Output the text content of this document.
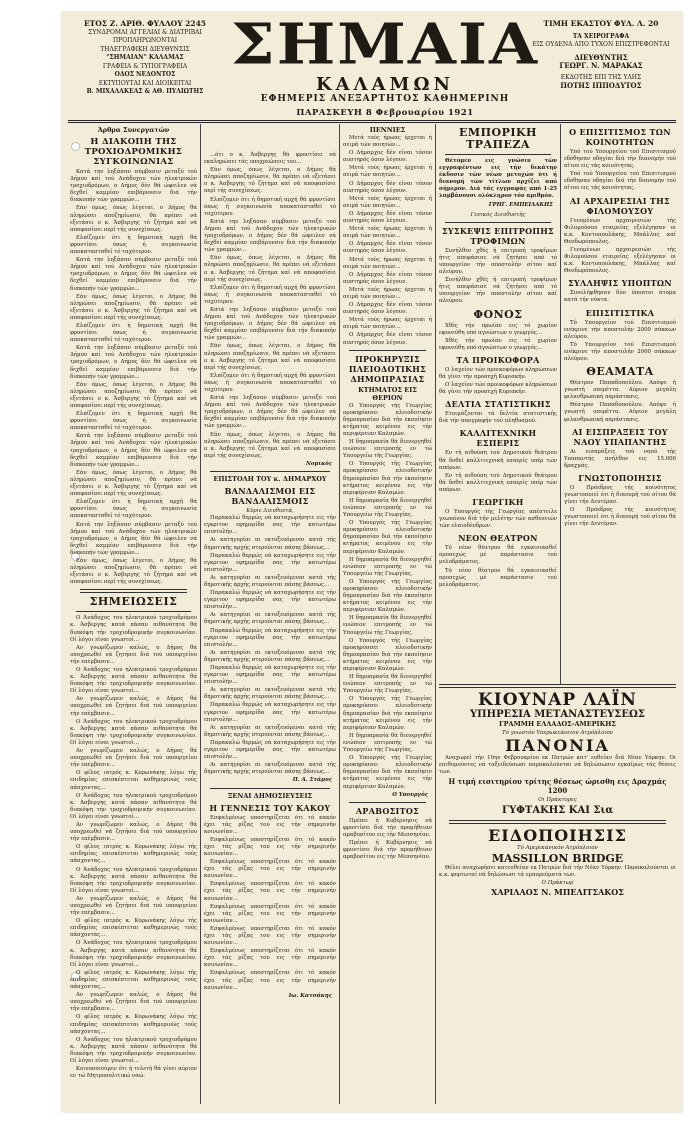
ΕΤΟΣ Ζ. ΑΡΙΘ. ΦΥΛΛΟΥ 2245
ΣΥΝΔΡΟΜΑΙ ΑΓΓΕΛΙΑΙ & ΔΙΑΤΡΙΒΑΙ
ΠΡΟΠΛΗΡΩΝΟΝΤΑΙ
ΤΗΛΕΓΡΑΦΙΚΗ ΔΙΕΥΘΥΝΣΙΣ
"ΣΗΜΑΙΑΝ" ΚΑΛΑΜΑΣ
ΓΡΑΦΕΙΑ & ΤΥΠΟΓΡΑΦΕΙΑ
ΟΔΟΣ ΝΕΔΟΝΤΟΣ
ΕΚΤΥΠΟΥΤΑΙ ΚΑΙ ΔΙΟΙΚΕΙΤΑΙ
Β. ΜΙΧΑΛΑΚΕΑΣ & ΑΘ. ΠΥΛΙΩΤΗΣ
ΣΗΜΑΙΑ
ΚΑΛΑΜΩΝ
ΕΦΗΜΕΡΙΣ ΑΝΕΞΑΡΤΗΤΟΣ ΚΑΘΗΜΕΡΙΝΗ
ΠΑΡΑΣΚΕΥΗ 8 Φεβρουαρίου 1921
ΤΙΜΗ ΕΚΑΣΤΟΥ ΦΥΛ. Λ. 20
ΤΑ ΧΕΙΡΟΓΡΑΦΑ
ΕΙΣ ΟΥΔΕΝΑ ΑΠΟ ΤΥΧΟΝ ΕΠΙΣΤΡΕΦΟΝΤΑΙ
ΔΙΕΥΘΥΝΤΗΣ
ΓΕΩΡΓ. Ν. ΜΑΡΑΚΑΣ
ΕΚΔΟΤΗΣ ΕΠΙ ΤΗΣ ΥΛΗΣ
ΠΟΤΗΣ ΙΠΠΟΔΥΤΟΣ
Άρθρα Συνεργατών
Η ΔΙΑΚΟΠΗ ΤΗΣ ΤΡΟΧΙΟΔΡΟΜΙΚΗΣ ΣΥΓΚΟΙΝΩΝΙΑΣ

Κατά την ληξάσαν σύμβασιν μεταξύ τού Δήμου καί τού Ανάδοχου τών ηλεκτρικών τροχιοδρόμων, ο Δήμος δέν θά ώφειλεν νά δεχθεί καμμίαν επιβάρυνσιν διά τήν διακοπήν τών γραμμών...

Εάν όμως, όπως λέγεται, ο Δήμος θά πληρώσει αποζημίωσιν, θά πρέπει νά εξετάσει ο κ. Άσβεργης τό ζήτημα καί νά αποφασίσει περί τής συνεχίσεως.

Ελπίζομεν ότι ή δημοτική αρχή θά φροντίσει όπως ή συγκοινωνία αποκατασταθεί τό ταχύτερον.

Κατά την ληξάσαν σύμβασιν μεταξύ τού Δήμου καί τού Ανάδοχου τών ηλεκτρικών τροχιοδρόμων, ο Δήμος δέν θά ώφειλεν νά δεχθεί καμμίαν επιβάρυνσιν διά τήν διακοπήν τών γραμμών...

Εάν όμως, όπως λέγεται, ο Δήμος θά πληρώσει αποζημίωσιν, θά πρέπει νά εξετάσει ο κ. Άσβεργης τό ζήτημα καί νά αποφασίσει περί τής συνεχίσεως.

Ελπίζομεν ότι ή δημοτική αρχή θά φροντίσει όπως ή συγκοινωνία αποκατασταθεί τό ταχύτερον.

Κατά την ληξάσαν σύμβασιν μεταξύ τού Δήμου καί τού Ανάδοχου τών ηλεκτρικών τροχιοδρόμων, ο Δήμος δέν θά ώφειλεν νά δεχθεί καμμίαν επιβάρυνσιν διά τήν διακοπήν τών γραμμών...

Εάν όμως, όπως λέγεται, ο Δήμος θά πληρώσει αποζημίωσιν, θά πρέπει νά εξετάσει ο κ. Άσβεργης τό ζήτημα καί νά αποφασίσει περί τής συνεχίσεως.

Ελπίζομεν ότι ή δημοτική αρχή θά φροντίσει όπως ή συγκοινωνία αποκατασταθεί τό ταχύτερον.

Κατά την ληξάσαν σύμβασιν μεταξύ τού Δήμου καί τού Ανάδοχου τών ηλεκτρικών τροχιοδρόμων, ο Δήμος δέν θά ώφειλεν νά δεχθεί καμμίαν επιβάρυνσιν διά τήν διακοπήν τών γραμμών...

Εάν όμως, όπως λέγεται, ο Δήμος θά πληρώσει αποζημίωσιν, θά πρέπει νά εξετάσει ο κ. Άσβεργης τό ζήτημα καί νά αποφασίσει περί τής συνεχίσεως.

Ελπίζομεν ότι ή δημοτική αρχή θά φροντίσει όπως ή συγκοινωνία αποκατασταθεί τό ταχύτερον.

Κατά την ληξάσαν σύμβασιν μεταξύ τού Δήμου καί τού Ανάδοχου τών ηλεκτρικών τροχιοδρόμων, ο Δήμος δέν θά ώφειλεν νά δεχθεί καμμίαν επιβάρυνσιν διά τήν διακοπήν τών γραμμών...

Εάν όμως, όπως λέγεται, ο Δήμος θά πληρώσει αποζημίωσιν, θά πρέπει νά εξετάσει ο κ. Άσβεργης τό ζήτημα καί νά αποφασίσει περί τής συνεχίσεως.

ΣΗΜΕΙΩΣΕΙΣ

Ο Άνάδοχος του ηλεκτρικού τροχιοδρόμου κ. Άσβεργης κατά πάσαν πιθανότητα θά διακόψη τήν τροχιοδρομικήν συγκοινωνίαν. Οί λόγοι είναι γνωστοί...

Αν γνωρίζωμεν καλώς, ο Δήμος θά υποχρεωθεί νά ζητήσει διά τού υπουργείου τήν επέμβασιν...

Ο Άνάδοχος του ηλεκτρικού τροχιοδρόμου κ. Άσβεργης κατά πάσαν πιθανότητα θά διακόψη τήν τροχιοδρομικήν συγκοινωνίαν. Οί λόγοι είναι γνωστοί...

Αν γνωρίζωμεν καλώς, ο Δήμος θά υποχρεωθεί νά ζητήσει διά τού υπουργείου τήν επέμβασιν...

Ο Άνάδοχος του ηλεκτρικού τροχιοδρόμου κ. Άσβεργης κατά πάσαν πιθανότητα θά διακόψη τήν τροχιοδρομικήν συγκοινωνίαν. Οί λόγοι είναι γνωστοί...

Αν γνωρίζωμεν καλώς, ο Δήμος θά υποχρεωθεί νά ζητήσει διά τού υπουργείου τήν επέμβασιν...

Ο φίλος ιατρός κ. Κορωνάκης λόγω τής επιδημίας επισκέπτεται καθημερινώς τούς πάσχοντας...

Ο Άνάδοχος του ηλεκτρικού τροχιοδρόμου κ. Άσβεργης κατά πάσαν πιθανότητα θά διακόψη τήν τροχιοδρομικήν συγκοινωνίαν. Οί λόγοι είναι γνωστοί...

Αν γνωρίζωμεν καλώς, ο Δήμος θά υποχρεωθεί νά ζητήσει διά τού υπουργείου τήν επέμβασιν...

Ο φίλος ιατρός κ. Κορωνάκης λόγω τής επιδημίας επισκέπτεται καθημερινώς τούς πάσχοντας...

Ο Άνάδοχος του ηλεκτρικού τροχιοδρόμου κ. Άσβεργης κατά πάσαν πιθανότητα θά διακόψη τήν τροχιοδρομικήν συγκοινωνίαν. Οί λόγοι είναι γνωστοί...

Αν γνωρίζωμεν καλώς, ο Δήμος θά υποχρεωθεί νά ζητήσει διά τού υπουργείου τήν επέμβασιν...

Ο φίλος ιατρός κ. Κορωνάκης λόγω τής επιδημίας επισκέπτεται καθημερινώς τούς πάσχοντας...

Ο Άνάδοχος του ηλεκτρικού τροχιοδρόμου κ. Άσβεργης κατά πάσαν πιθανότητα θά διακόψη τήν τροχιοδρομικήν συγκοινωνίαν. Οί λόγοι είναι γνωστοί...

Ο φίλος ιατρός κ. Κορωνάκης λόγω τής επιδημίας επισκέπτεται καθημερινώς τούς πάσχοντας...

Αν γνωρίζωμεν καλώς, ο Δήμος θά υποχρεωθεί νά ζητήσει διά τού υπουργείου τήν επέμβασιν...

Ο φίλος ιατρός κ. Κορωνάκης λόγω τής επιδημίας επισκέπτεται καθημερινώς τούς πάσχοντας...

Ο Άνάδοχος του ηλεκτρικού τροχιοδρόμου κ. Άσβεργης κατά πάσαν πιθανότητα θά διακόψη τήν τροχιοδρομικήν συγκοινωνίαν. Οί λόγοι είναι γνωστοί...

Κοινοποιούμεν ότι ή τελετή θά γίνει αύριον εν τώ Μητροπολιτικώ ναώ.

...ότι ο κ. Άσβεργης θά φροντίσει νά εκπληρώσει τάς υποχρεώσεις του...

Εάν όμως, όπως λέγεται, ο Δήμος θά πληρώσει αποζημίωσιν, θά πρέπει νά εξετάσει ο κ. Άσβεργης τό ζήτημα καί νά αποφασίσει περί τής συνεχίσεως.

Ελπίζομεν ότι ή δημοτική αρχή θά φροντίσει όπως ή συγκοινωνία αποκατασταθεί τό ταχύτερον.

Κατά την ληξάσαν σύμβασιν μεταξύ τού Δήμου καί τού Ανάδοχου τών ηλεκτρικών τροχιοδρόμων, ο Δήμος δέν θά ώφειλεν νά δεχθεί καμμίαν επιβάρυνσιν διά τήν διακοπήν τών γραμμών...

Εάν όμως, όπως λέγεται, ο Δήμος θά πληρώσει αποζημίωσιν, θά πρέπει νά εξετάσει ο κ. Άσβεργης τό ζήτημα καί νά αποφασίσει περί τής συνεχίσεως.

Ελπίζομεν ότι ή δημοτική αρχή θά φροντίσει όπως ή συγκοινωνία αποκατασταθεί τό ταχύτερον.

Κατά την ληξάσαν σύμβασιν μεταξύ τού Δήμου καί τού Ανάδοχου τών ηλεκτρικών τροχιοδρόμων, ο Δήμος δέν θά ώφειλεν νά δεχθεί καμμίαν επιβάρυνσιν διά τήν διακοπήν τών γραμμών...

Εάν όμως, όπως λέγεται, ο Δήμος θά πληρώσει αποζημίωσιν, θά πρέπει νά εξετάσει ο κ. Άσβεργης τό ζήτημα καί νά αποφασίσει περί τής συνεχίσεως.

Ελπίζομεν ότι ή δημοτική αρχή θά φροντίσει όπως ή συγκοινωνία αποκατασταθεί τό ταχύτερον.

Κατά την ληξάσαν σύμβασιν μεταξύ τού Δήμου καί τού Ανάδοχου τών ηλεκτρικών τροχιοδρόμων, ο Δήμος δέν θά ώφειλεν νά δεχθεί καμμίαν επιβάρυνσιν διά τήν διακοπήν τών γραμμών...

Εάν όμως, όπως λέγεται, ο Δήμος θά πληρώσει αποζημίωσιν, θά πρέπει νά εξετάσει ο κ. Άσβεργης τό ζήτημα καί νά αποφασίσει περί τής συνεχίσεως.

Νομικός
ΕΠΙΣΤΟΛΗ ΤΟΥ κ. ΔΗΜΑΡΧΟΥ
ΒΑΝΔΑΛΙΣΜΟΙ ΕΙΣ ΒΑΝΔΑΛΙΣΜΟΙΣ
Κύριε Διευθυντά,

Παρακαλώ θερμώς νά καταχωρήσητε εις τήν εγκριτον εφημερίδα σας τήν κατωτέρω επιστολήν...

Αι κατηγορίαι αι εκτοξευόμεναι κατά τής δημοτικής αρχής στερούνται πάσης βάσεως...

Παρακαλώ θερμώς νά καταχωρήσητε εις τήν εγκριτον εφημερίδα σας τήν κατωτέρω επιστολήν...

Αι κατηγορίαι αι εκτοξευόμεναι κατά τής δημοτικής αρχής στερούνται πάσης βάσεως...

Παρακαλώ θερμώς νά καταχωρήσητε εις τήν εγκριτον εφημερίδα σας τήν κατωτέρω επιστολήν...

Αι κατηγορίαι αι εκτοξευόμεναι κατά τής δημοτικής αρχής στερούνται πάσης βάσεως...

Παρακαλώ θερμώς νά καταχωρήσητε εις τήν εγκριτον εφημερίδα σας τήν κατωτέρω επιστολήν...

Αι κατηγορίαι αι εκτοξευόμεναι κατά τής δημοτικής αρχής στερούνται πάσης βάσεως...

Παρακαλώ θερμώς νά καταχωρήσητε εις τήν εγκριτον εφημερίδα σας τήν κατωτέρω επιστολήν...

Αι κατηγορίαι αι εκτοξευόμεναι κατά τής δημοτικής αρχής στερούνται πάσης βάσεως...

Παρακαλώ θερμώς νά καταχωρήσητε εις τήν εγκριτον εφημερίδα σας τήν κατωτέρω επιστολήν...

Αι κατηγορίαι αι εκτοξευόμεναι κατά τής δημοτικής αρχής στερούνται πάσης βάσεως...

Παρακαλώ θερμώς νά καταχωρήσητε εις τήν εγκριτον εφημερίδα σας τήν κατωτέρω επιστολήν...

Αι κατηγορίαι αι εκτοξευόμεναι κατά τής δημοτικής αρχής στερούνται πάσης βάσεως...

Π. Α. Στάμος
ΞΕΝΑΙ ΔΗΜΟΣΙΕΥΣΕΙΣ
Η ΓΕΝΝΕΣΙΣ ΤΟΥ ΚΑΚΟΥ

Εσφαλμένως υποστηρίζεται ότι τό κακόν έχει τάς ρίζας του εις τήν σημερινήν κοινωνίαν...

Εσφαλμένως υποστηρίζεται ότι τό κακόν έχει τάς ρίζας του εις τήν σημερινήν κοινωνίαν...

Εσφαλμένως υποστηρίζεται ότι τό κακόν έχει τάς ρίζας του εις τήν σημερινήν κοινωνίαν...

Εσφαλμένως υποστηρίζεται ότι τό κακόν έχει τάς ρίζας του εις τήν σημερινήν κοινωνίαν...

Εσφαλμένως υποστηρίζεται ότι τό κακόν έχει τάς ρίζας του εις τήν σημερινήν κοινωνίαν...

Εσφαλμένως υποστηρίζεται ότι τό κακόν έχει τάς ρίζας του εις τήν σημερινήν κοινωνίαν...

Εσφαλμένως υποστηρίζεται ότι τό κακόν έχει τάς ρίζας του εις τήν σημερινήν κοινωνίαν...

Εσφαλμένως υποστηρίζεται ότι τό κακόν έχει τάς ρίζας του εις τήν σημερινήν κοινωνίαν...

Ιω. Κατσάκης
ΠΕΝΝΙΕΣ

Μετά τούς ήρωας έρχεται ή σειρά τών ποιητών...

Ο Δήμαρχος δέν είναι τόσον αυστηρός όσον λέγουν.

Μετά τούς ήρωας έρχεται ή σειρά τών ποιητών...

Ο Δήμαρχος δέν είναι τόσον αυστηρός όσον λέγουν.

Μετά τούς ήρωας έρχεται ή σειρά τών ποιητών...

Ο Δήμαρχος δέν είναι τόσον αυστηρός όσον λέγουν.

Μετά τούς ήρωας έρχεται ή σειρά τών ποιητών...

Ο Δήμαρχος δέν είναι τόσον αυστηρός όσον λέγουν.

Μετά τούς ήρωας έρχεται ή σειρά τών ποιητών...

Ο Δήμαρχος δέν είναι τόσον αυστηρός όσον λέγουν.

Μετά τούς ήρωας έρχεται ή σειρά τών ποιητών...

Ο Δήμαρχος δέν είναι τόσον αυστηρός όσον λέγουν.

Μετά τούς ήρωας έρχεται ή σειρά τών ποιητών...

Ο Δήμαρχος δέν είναι τόσον αυστηρός όσον λέγουν.

ΠΡΟΚΗΡΥΞΙΣ ΠΛΕΙΟΔΟΤΙΚΗΣ ΔΗΜΟΠΡΑΣΙΑΣ
ΚΤΗΜΑΤΟΣ ΕΙΣ ΘΕΡΙΟΝ

Ο Υπουργός τής Γεωργίας προκηρύσσει πλειοδοτικήν δημοπρασίαν διά τήν εκποίησιν κτήματος κειμένου εις τήν περιφέρειαν Καλαμών.

Η δημοπρασία θά διενεργηθεί ενώπιον επιτροπής εν τώ Υπουργείω τής Γεωργίας.

Ο Υπουργός τής Γεωργίας προκηρύσσει πλειοδοτικήν δημοπρασίαν διά τήν εκποίησιν κτήματος κειμένου εις τήν περιφέρειαν Καλαμών.

Η δημοπρασία θά διενεργηθεί ενώπιον επιτροπής εν τώ Υπουργείω τής Γεωργίας.

Ο Υπουργός τής Γεωργίας προκηρύσσει πλειοδοτικήν δημοπρασίαν διά τήν εκποίησιν κτήματος κειμένου εις τήν περιφέρειαν Καλαμών.

Η δημοπρασία θά διενεργηθεί ενώπιον επιτροπής εν τώ Υπουργείω τής Γεωργίας.

Ο Υπουργός τής Γεωργίας προκηρύσσει πλειοδοτικήν δημοπρασίαν διά τήν εκποίησιν κτήματος κειμένου εις τήν περιφέρειαν Καλαμών.

Η δημοπρασία θά διενεργηθεί ενώπιον επιτροπής εν τώ Υπουργείω τής Γεωργίας.

Ο Υπουργός τής Γεωργίας προκηρύσσει πλειοδοτικήν δημοπρασίαν διά τήν εκποίησιν κτήματος κειμένου εις τήν περιφέρειαν Καλαμών.

Η δημοπρασία θά διενεργηθεί ενώπιον επιτροπής εν τώ Υπουργείω τής Γεωργίας.

Ο Υπουργός τής Γεωργίας προκηρύσσει πλειοδοτικήν δημοπρασίαν διά τήν εκποίησιν κτήματος κειμένου εις τήν περιφέρειαν Καλαμών.

Η δημοπρασία θά διενεργηθεί ενώπιον επιτροπής εν τώ Υπουργείω τής Γεωργίας.

Ο Υπουργός τής Γεωργίας προκηρύσσει πλειοδοτικήν δημοπρασίαν διά τήν εκποίησιν κτήματος κειμένου εις τήν περιφέρειαν Καλαμών.

Ο Υπουργός
ΑΡΑΒΟΣΙΤΟΣ

Πρέπει ή Κυβέρνησις νά φροντίσει διά τήν προμήθειαν αραβοσίτου εις τήν Μεσσηνίαν.

Πρέπει ή Κυβέρνησις νά φροντίσει διά τήν προμήθειαν αραβοσίτου εις τήν Μεσσηνίαν.

ΕΜΠΟΡΙΚΗ ΤΡΑΠΕΖΑ

Θέτομεν εις γνώσιν τών εγγραφέντων εις τήν δεκάτην έκδοσιν τών νέων μετοχών ότι ή διανομή τών τίτλων αρχίζει από σήμερον. Διά τάς εγγραφάς από 1-25 λαμβάνουσι ολόκληρον τόν αριθμόν.

ΓΡΗΓ. ΕΜΠΕΙΛΑΚΗΣ
Γενικός Διευθυντής
ΣΥΣΚΕΨΙΣ ΕΠΙΤΡΟΠΗΣ ΤΡΟΦΙΜΩΝ

Συνήλθεν χθές ή επιτροπή τροφίμων ήτις απεφάσισε νά ζητήσει από τό υπουργείον τήν αποστολήν σίτου καί αλεύρου.

Συνήλθεν χθές ή επιτροπή τροφίμων ήτις απεφάσισε νά ζητήσει από τό υπουργείον τήν αποστολήν σίτου καί αλεύρου.

ΦΟΝΟΣ

Χθές τήν πρωίαν εις τό χωρίον εφονεύθη υπό αγνώστων ο γεωργός...

Χθές τήν πρωίαν εις τό χωρίον εφονεύθη υπό αγνώστων ο γεωργός...

ΤΑ ΠΡΟΙΚΟΦΟΡΑ

Ο λαχείον τών προικοφόρων κληρώσεων θά γίνει τήν προσεχή Κυριακήν.

Ο λαχείον τών προικοφόρων κληρώσεων θά γίνει τήν προσεχή Κυριακήν.

ΔΕΛΤΙΑ ΣΤΑΤΙΣΤΙΚΗΣ

Ετοιμάζονται τά δελτία στατιστικής διά τήν απογραφήν τού πληθυσμού.

ΚΑΛΛΙΤΕΧΝΙΚΗ ΕΣΠΕΡΙΣ

Εν τή αιθούση τού Δημοτικού θεάτρου θά δοθεί καλλιτεχνική εσπερίς υπέρ τών απόρων.

Εν τή αιθούση τού Δημοτικού θεάτρου θά δοθεί καλλιτεχνική εσπερίς υπέρ τών απόρων.

ΓΕΩΡΓΙΚΗ

Ο Υπουργός τής Γεωργίας απέστειλε γεωπόνον διά τήν μελέτην τών ασθενειών τών ελαιοδένδρων.

ΝΕΟΝ ΘΕΑΤΡΟΝ

Τό νέον θέατρον θά εγκαινιασθεί προσεχώς μέ παράστασιν τού μελοδράματος.

Τό νέον θέατρον θά εγκαινιασθεί προσεχώς μέ παράστασιν τού μελοδράματος.

Ο ΕΠΙΣΙΤΙΣΜΟΣ ΤΩΝ ΚΟΙΝΟΤΗΤΩΝ

Υπό τού Υπουργείου τού Επισιτισμού εδόθησαν οδηγίαι διά τήν διανομήν τού σίτου εις τάς κοινότητας.

Υπό τού Υπουργείου τού Επισιτισμού εδόθησαν οδηγίαι διά τήν διανομήν τού σίτου εις τάς κοινότητας.

ΑΙ ΑΡΧΑΙΡΕΣΙΑΙ ΤΗΣ ΦΙΛΟΜΟΥΣΟΥ

Γενομένων αρχαιρεσιών τής Φιλομούσου εταιρείας εξελέγησαν οι κ.κ. Κοντοπουλάκης, Μπάλλας καί Θεοδωρόπουλος.

Γενομένων αρχαιρεσιών τής Φιλομούσου εταιρείας εξελέγησαν οι κ.κ. Κοντοπουλάκης, Μπάλλας καί Θεοδωρόπουλος.

ΣΥΛΛΗΨΙΣ ΥΠΟΠΤΩΝ

Συνελήφθησαν δύο ύποπτοι άτομα κατά τήν νύκτα.

ΕΠΙΣΙΤΙΣΤΙΚΑ

Τό Υπουργείον τού Επισιτισμού ενέκρινε τήν αποστολήν 2000 σάκκων αλεύρου.

Τό Υπουργείον τού Επισιτισμού ενέκρινε τήν αποστολήν 2000 σάκκων αλεύρου.

ΘΕΑΜΑΤΑ

Θέατρον Παπαδοπούλου. Απόψε ή γνωστή οπερέττα. Αύριον μεγάλη φιλανθρωπική παράστασις.

Θέατρον Παπαδοπούλου. Απόψε ή γνωστή οπερέττα. Αύριον μεγάλη φιλανθρωπική παράστασις.

ΑΙ ΕΙΣΠΡΑΞΕΙΣ ΤΟΥ ΝΑΟΥ ΥΠΑΠΑΝΤΗΣ

Αι εισπράξεις τού ναού τής Υπαπαντής ανήλθον εις 15.000 δραχμάς.

ΓΝΩΣΤΟΠΟΙΗΣΙΣ

Ο Πρόεδρος τής κοινότητος γνωστοποιεί ότι ή διανομή τού σίτου θά γίνει τήν Δευτέραν.

Ο Πρόεδρος τής κοινότητος γνωστοποιεί ότι ή διανομή τού σίτου θά γίνει τήν Δευτέραν.

ΚΙΟΥΝΑΡ ΛΑΪΝ
ΥΠΗΡΕΣΙΑ ΜΕΤΑΝΑΣΤΕΥΣΕΩΣ
ΓΡΑΜΜΗ ΕΛΛΑΔΟΣ-ΑΜΕΡΙΚΗΣ
Τό γνωστόν Υπερωκεάνειον Ατμόπλοιον
ΠΑΝΟΝΙΑ

Αναχωρεί τήν 10ην Φεβρουαρίου εκ Πατρών κατ' ευθείαν διά Νέαν Υόρκην. Οι επιθυμούντες νά ταξειδεύσωσι παρακαλούνται νά δηλώσωσιν εγκαίρως τάς θέσεις των.

Η τιμή εισιτηρίου τρίτης θέσεως ώρισθη εις Δραχμάς 1200
Οι Πράκτορες
ΓΥΦΤΑΚΗΣ ΚΑΙ Σια
ΕΙΔΟΠΟΙΗΣΙΣ
Τό Αμερικανικόν Ατμόπλοιον
MASSILLON BRIDGE

Θέλει αναχωρήσει κατευθείαν εκ Πατρών διά τήν Νέαν Υόρκην. Παρακαλούνται οι κ.κ. φορτωταί νά δηλώσωσι τά εμπορεύματά των.

Ο Πράκτωρ
ΧΑΡΙΛΑΟΣ Ν. ΜΠΕΛΙΤΣΑΚΟΣ
